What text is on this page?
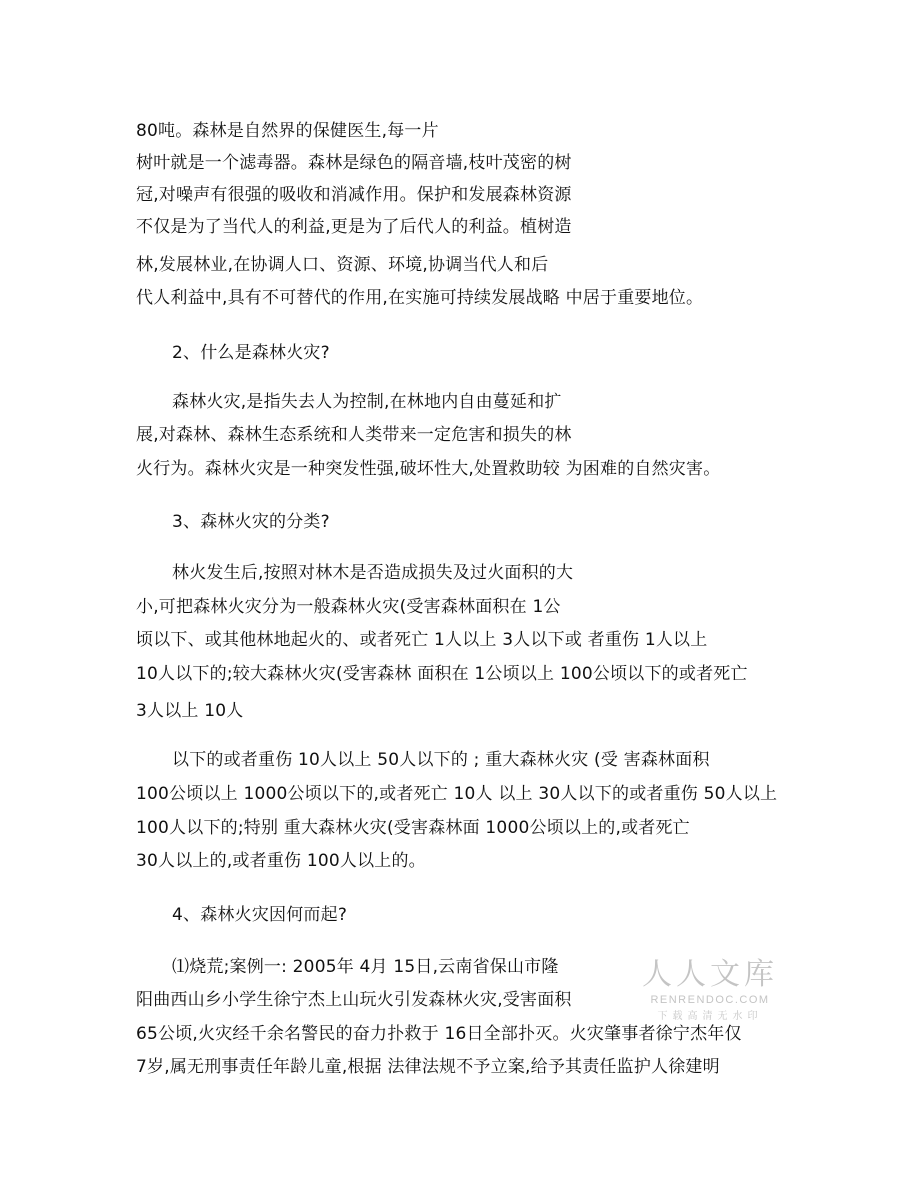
80吨。森林是自然界的保健医生,每一片
树叶就是一个滤毒器。森林是绿色的隔音墙,枝叶茂密的树
冠,对噪声有很强的吸收和消减作用。保护和发展森林资源
不仅是为了当代人的利益,更是为了后代人的利益。植树造
林,发展林业,在协调人口、资源、环境,协调当代人和后
代人利益中,具有不可替代的作用,在实施可持续发展战略 中居于重要地位。
2、什么是森林火灾?
森林火灾,是指失去人为控制,在林地内自由蔓延和扩
展,对森林、森林生态系统和人类带来一定危害和损失的林
火行为。森林火灾是一种突发性强,破坏性大,处置救助较 为困难的自然灾害。
3、森林火灾的分类?
林火发生后,按照对林木是否造成损失及过火面积的大
小,可把森林火灾分为一般森林火灾(受害森林面积在 1公
顷以下、或其他林地起火的、或者死亡 1人以上 3人以下或 者重伤 1人以上
10人以下的;较大森林火灾(受害森林 面积在 1公顷以上 100公顷以下的或者死亡
3人以上 10人
以下的或者重伤 10人以上 50人以下的 ; 重大森林火灾 (受 害森林面积
100公顷以上 1000公顷以下的,或者死亡 10人 以上 30人以下的或者重伤 50人以上
100人以下的;特别 重大森林火灾(受害森林面 1000公顷以上的,或者死亡
30人以上的,或者重伤 100人以上的。
4、森林火灾因何而起?
⑴烧荒;案例一: 2005年 4月 15日,云南省保山市隆
阳曲西山乡小学生徐宁杰上山玩火引发森林火灾,受害面积
65公顷,火灾经千余名警民的奋力扑救于 16日全部扑灭。火灾肇事者徐宁杰年仅
7岁,属无刑事责任年龄儿童,根据 法律法规不予立案,给予其责任监护人徐建明
人人文库
RENRENDOC.COM
下载高清无水印
